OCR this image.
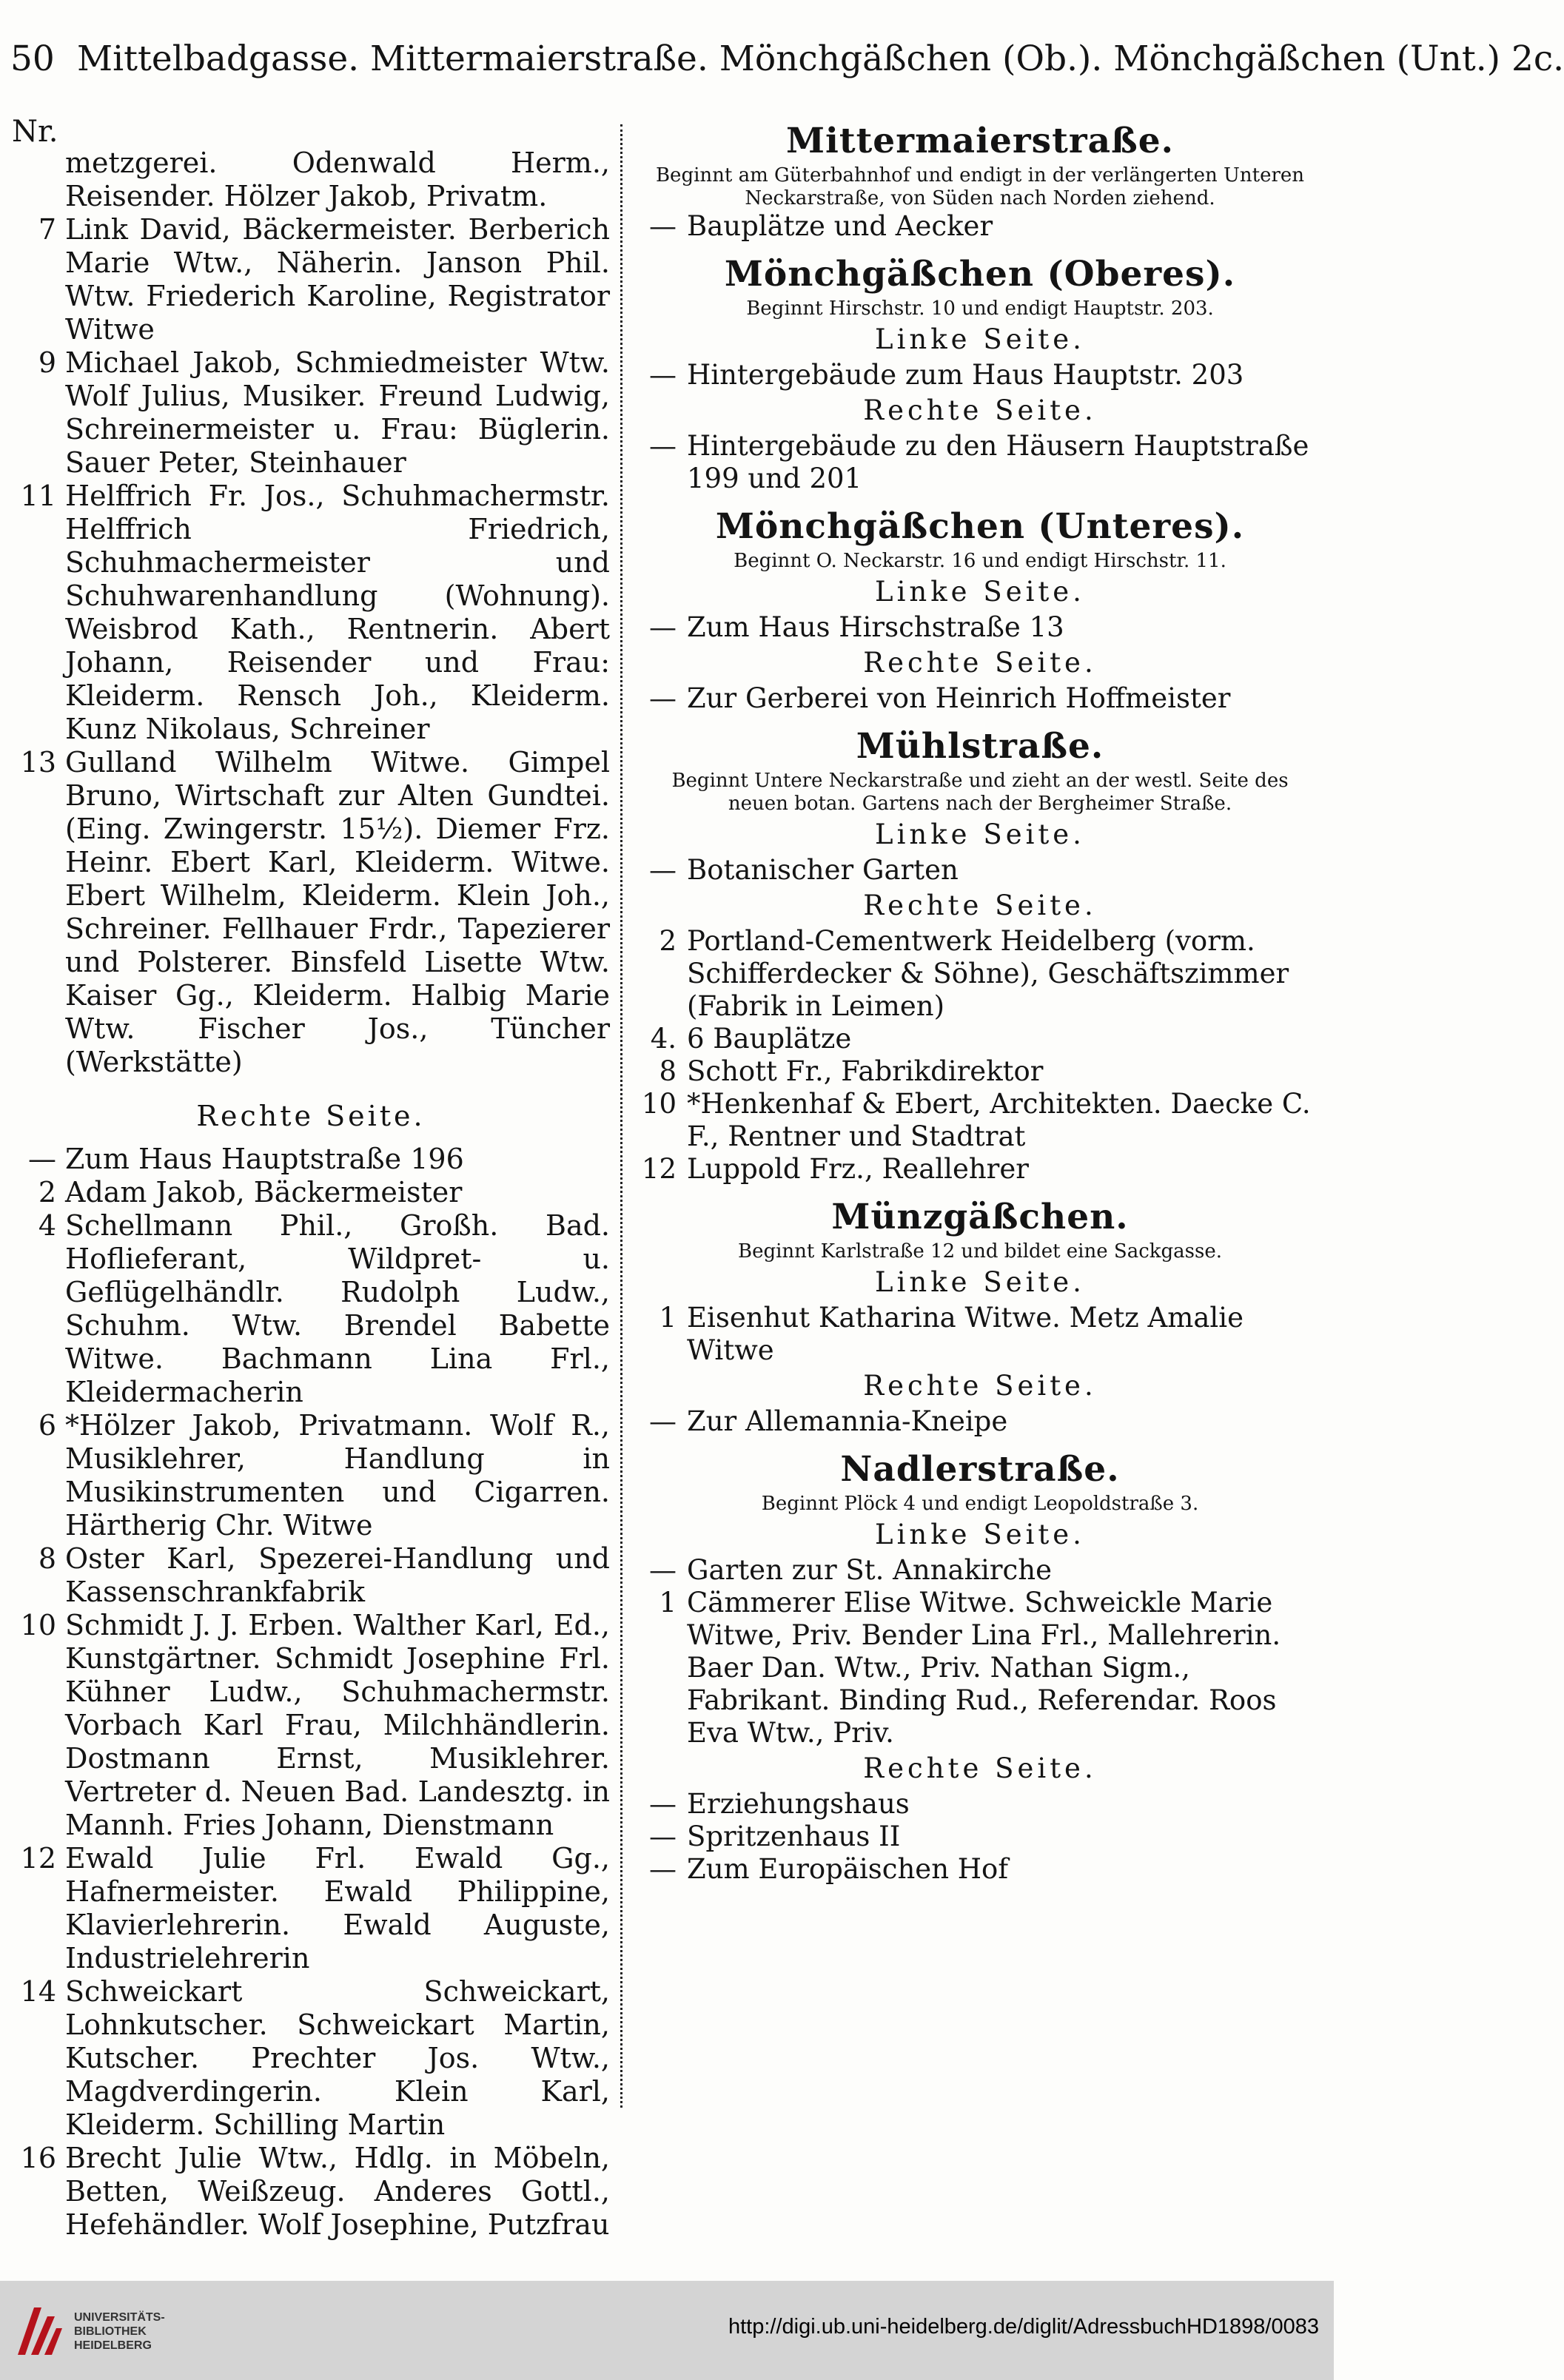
50 Mittelbadgasse. Mittermaierstraße. Mönchgäßchen (Ob.). Mönchgäßchen (Unt.) 2c.
Nr.
metzgerei. Odenwald Herm., Reisender. Hölzer Jakob, Privatm.
7 Link David, Bäckermeister. Berberich Marie Wtw., Näherin. Janson Phil. Wtw. Friederich Karoline, Registrator Witwe
9 Michael Jakob, Schmiedmeister Wtw. Wolf Julius, Musiker. Freund Ludwig, Schreinermeister u. Frau: Büglerin. Sauer Peter, Steinhauer
11 Helffrich Fr. Jos., Schuhmachermstr. Helffrich Friedrich, Schuhmachermeister und Schuhwarenhandlung (Wohnung). Weisbrod Kath., Rentnerin. Abert Johann, Reisender und Frau: Kleiderm. Rensch Joh., Kleiderm. Kunz Nikolaus, Schreiner
13 Gulland Wilhelm Witwe. Gimpel Bruno, Wirtschaft zur Alten Gundtei. (Eing. Zwingerstr. 15½). Diemer Frz. Heinr. Ebert Karl, Kleiderm. Witwe. Ebert Wilhelm, Kleiderm. Klein Joh., Schreiner. Fellhauer Frdr., Tapezierer und Polsterer. Binsfeld Lisette Wtw. Kaiser Gg., Kleiderm. Halbig Marie Wtw. Fischer Jos., Tüncher (Werkstätte)
Rechte Seite.
— Zum Haus Hauptstraße 196
2 Adam Jakob, Bäckermeister
4 Schellmann Phil., Großh. Bad. Hoflieferant, Wildpret- u. Geflügelhändlr. Rudolph Ludw., Schuhm. Wtw. Brendel Babette Witwe. Bachmann Lina Frl., Kleidermacherin
6 *Hölzer Jakob, Privatmann. Wolf R., Musiklehrer, Handlung in Musikinstrumenten und Cigarren. Härtherig Chr. Witwe
8 Oster Karl, Spezerei-Handlung und Kassenschrankfabrik
10 Schmidt J. J. Erben. Walther Karl, Ed., Kunstgärtner. Schmidt Josephine Frl. Kühner Ludw., Schuhmachermstr. Vorbach Karl Frau, Milchhändlerin. Dostmann Ernst, Musiklehrer. Vertreter d. Neuen Bad. Landesztg. in Mannh. Fries Johann, Dienstmann
12 Ewald Julie Frl. Ewald Gg., Hafnermeister. Ewald Philippine, Klavierlehrerin. Ewald Auguste, Industrielehrerin
14 Schweickart Schweickart, Lohnkutscher. Schweickart Martin, Kutscher. Prechter Jos. Wtw., Magdverdingerin. Klein Karl, Kleiderm. Schilling Martin
16 Brecht Julie Wtw., Hdlg. in Möbeln, Betten, Weißzeug. Anderes Gottl., Hefehändler. Wolf Josephine, Putzfrau
Mittermaierstraße.
Beginnt am Güterbahnhof und endigt in der verlängerten Unteren Neckarstraße, von Süden nach Norden ziehend.
— Bauplätze und Aecker
Mönchgäßchen (Oberes).
Beginnt Hirschstr. 10 und endigt Hauptstr. 203.
Linke Seite.
— Hintergebäude zum Haus Hauptstr. 203
Rechte Seite.
— Hintergebäude zu den Häusern Hauptstraße 199 und 201
Mönchgäßchen (Unteres).
Beginnt O. Neckarstr. 16 und endigt Hirschstr. 11.
Linke Seite.
— Zum Haus Hirschstraße 13
Rechte Seite.
— Zur Gerberei von Heinrich Hoffmeister
Mühlstraße.
Beginnt Untere Neckarstraße und zieht an der westl. Seite des neuen botan. Gartens nach der Bergheimer Straße.
Linke Seite.
— Botanischer Garten
Rechte Seite.
2 Portland-Cementwerk Heidelberg (vorm. Schifferdecker & Söhne), Geschäftszimmer (Fabrik in Leimen)
4. 6 Bauplätze
8 Schott Fr., Fabrikdirektor
10 *Henkenhaf & Ebert, Architekten. Daecke C. F., Rentner und Stadtrat
12 Luppold Frz., Reallehrer
Münzgäßchen.
Beginnt Karlstraße 12 und bildet eine Sackgasse.
Linke Seite.
1 Eisenhut Katharina Witwe. Metz Amalie Witwe
Rechte Seite.
— Zur Allemannia-Kneipe
Nadlerstraße.
Beginnt Plöck 4 und endigt Leopoldstraße 3.
Linke Seite.
— Garten zur St. Annakirche
1 Cämmerer Elise Witwe. Schweickle Marie Witwe, Priv. Bender Lina Frl., Mallehrerin. Baer Dan. Wtw., Priv. Nathan Sigm., Fabrikant. Binding Rud., Referendar. Roos Eva Wtw., Priv.
Rechte Seite.
— Erziehungshaus
— Spritzenhaus II
— Zum Europäischen Hof
UNIVERSITÄTS-
BIBLIOTHEK
HEIDELBERG
http://digi.ub.uni-heidelberg.de/diglit/AdressbuchHD1898/0083
